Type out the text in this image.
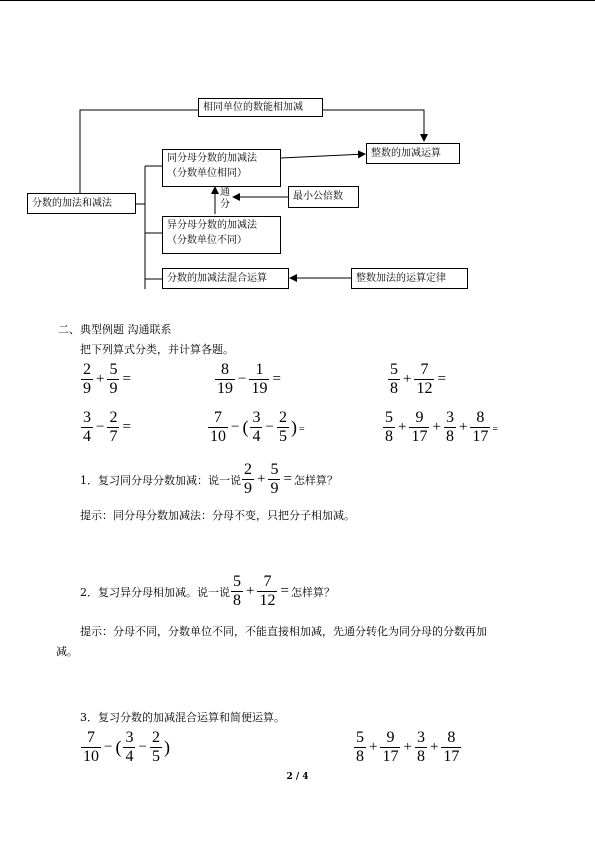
相同单位的数能相加减
分数的加法和减法
同分母分数的加减法
（分数单位相同）
异分母分数的加减法
（分数单位不同）
分数的加减法混合运算
整数的加减运算
最小公倍数
通
分
整数加法的运算定律
二、典型例题 沟通联系
把下列算式分类，并计算各题。
$\frac{2}{9} + \frac{5}{9}$ =	$\frac{8}{19} - \frac{1}{19}$ =	$\frac{5}{8} + \frac{7}{12}$ =
$\frac{3}{4} - \frac{2}{7}$ =	$\frac{7}{10}$ − ( $\frac{3}{4} - \frac{2}{5}$ ) =	$\frac{5}{8} + \frac{9}{17} + \frac{3}{8} + \frac{8}{17}$ =
1．复习同分母分数加减：说一说 $\frac{2}{9} + \frac{5}{9}$ = 怎样算？
提示：同分母分数加减法：分母不变，只把分子相加减。
2．复习异分母相加减。说一说 $\frac{5}{8} + \frac{7}{12}$ = 怎样算？
提示：分母不同，分数单位不同，不能直接相加减，先通分转化为同分母的分数再加
减。
3．复习分数的加减混合运算和简便运算。
$\frac{7}{10}$ − ( $\frac{3}{4} - \frac{2}{5}$ )	$\frac{5}{8} + \frac{9}{17} + \frac{3}{8} + \frac{8}{17}$
2 / 4
